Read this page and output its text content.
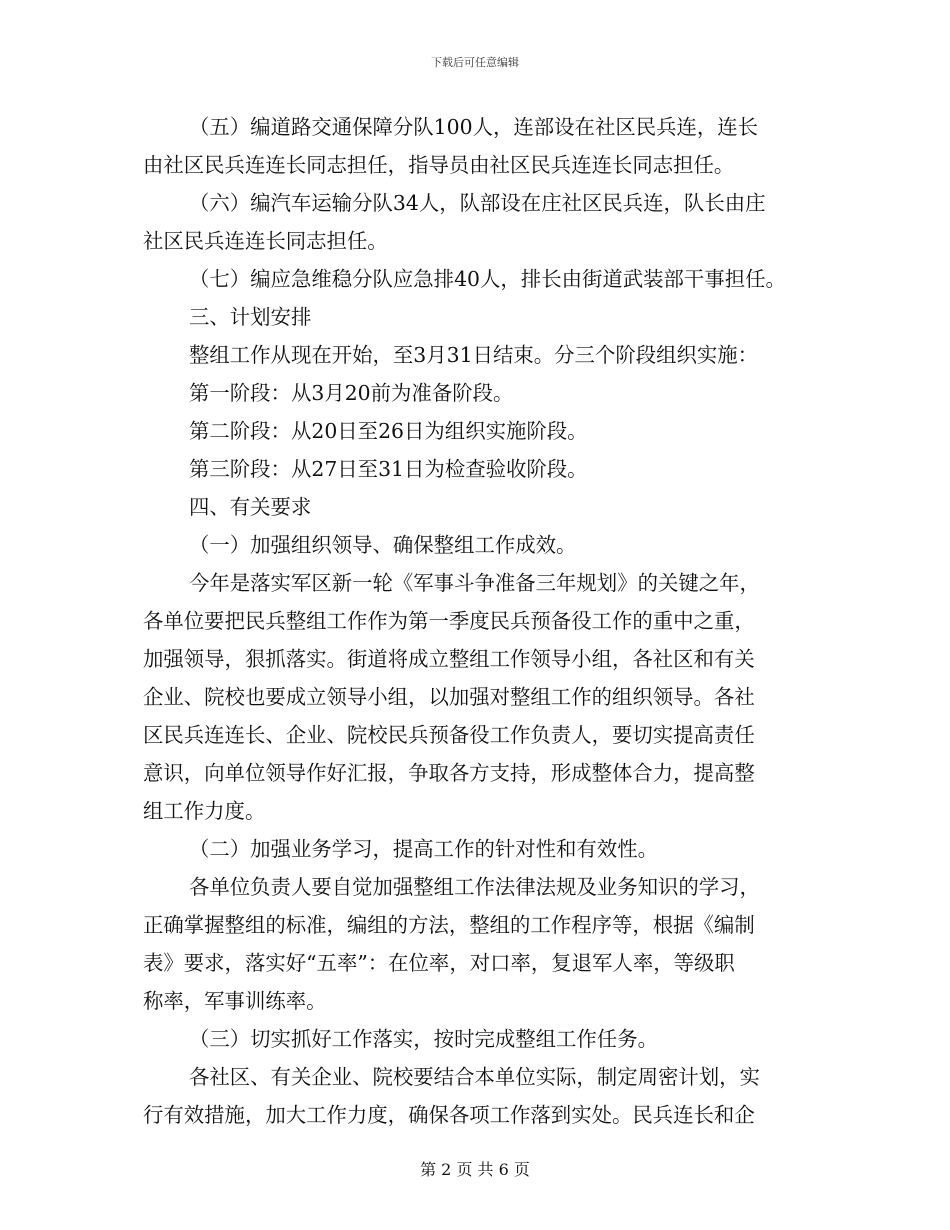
下载后可任意编辑
（五）编道路交通保障分队100人，连部设在社区民兵连，连长
由社区民兵连连长同志担任，指导员由社区民兵连连长同志担任。
（六）编汽车运输分队34人，队部设在庄社区民兵连，队长由庄
社区民兵连连长同志担任。
（七）编应急维稳分队应急排40人，排长由街道武装部干事担任。
三、计划安排
整组工作从现在开始，至3月31日结束。分三个阶段组织实施：
第一阶段：从3月20前为准备阶段。
第二阶段：从20日至26日为组织实施阶段。
第三阶段：从27日至31日为检查验收阶段。
四、有关要求
（一）加强组织领导、确保整组工作成效。
今年是落实军区新一轮《军事斗争准备三年规划》的关键之年，
各单位要把民兵整组工作作为第一季度民兵预备役工作的重中之重，
加强领导，狠抓落实。街道将成立整组工作领导小组，各社区和有关
企业、院校也要成立领导小组，以加强对整组工作的组织领导。各社
区民兵连连长、企业、院校民兵预备役工作负责人，要切实提高责任
意识，向单位领导作好汇报，争取各方支持，形成整体合力，提高整
组工作力度。
（二）加强业务学习，提高工作的针对性和有效性。
各单位负责人要自觉加强整组工作法律法规及业务知识的学习，
正确掌握整组的标准，编组的方法，整组的工作程序等，根据《编制
表》要求，落实好“五率”：在位率，对口率，复退军人率，等级职
称率，军事训练率。
（三）切实抓好工作落实，按时完成整组工作任务。
各社区、有关企业、院校要结合本单位实际，制定周密计划，实
行有效措施，加大工作力度，确保各项工作落到实处。民兵连长和企
第 2 页 共 6 页
